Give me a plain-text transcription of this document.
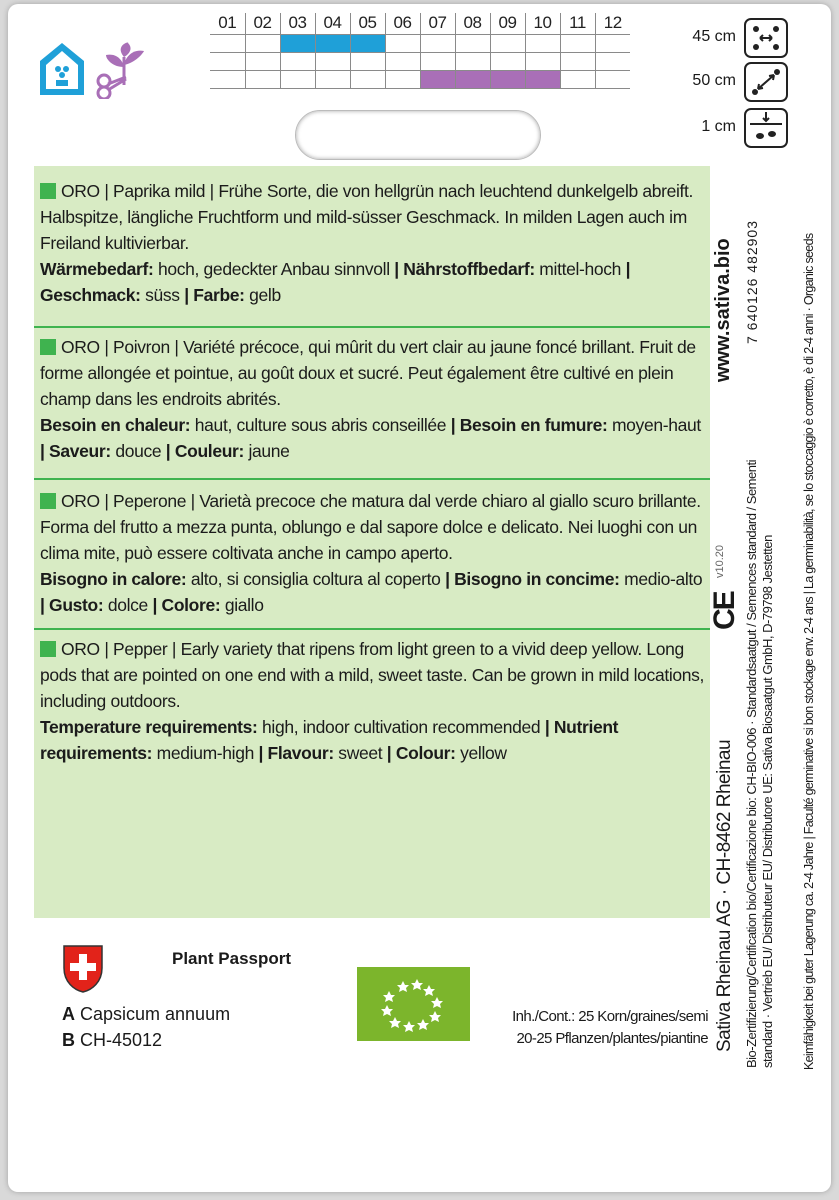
01	02	03	04	05	06	07	08	09	10	11	12

45 cm
50 cm
1 cm
ORO | Paprika mild | Frühe Sorte, die von hellgrün nach leuchtend dunkelgelb abreift. Halbspitze, längliche Fruchtform und mild-süsser Geschmack. In milden Lagen auch im Freiland kultivierbar.
Wärmebedarf: hoch, gedeckter Anbau sinnvoll | Nährstoffbedarf: mittel-hoch | Geschmack: süss | Farbe: gelb
ORO | Poivron | Variété précoce, qui mûrit du vert clair au jaune foncé brillant. Fruit de forme allongée et pointue, au goût doux et sucré. Peut également être cultivé en plein champ dans les endroits abrités.
Besoin en chaleur: haut, culture sous abris conseillée | Besoin en fumure: moyen-haut | Saveur: douce | Couleur: jaune
ORO | Peperone | Varietà precoce che matura dal verde chiaro al giallo scuro brillante. Forma del frutto a mezza punta, oblungo e dal sapore dolce e delicato. Nei luoghi con un clima mite, può essere coltivata anche in campo aperto.
Bisogno in calore: alto, si consiglia coltura al coperto | Bisogno in concime: medio-alto | Gusto: dolce | Colore: giallo
ORO | Pepper | Early variety that ripens from light green to a vivid deep yellow. Long pods that are pointed on one end with a mild, sweet taste. Can be grown in mild locations, including outdoors.
Temperature requirements: high, indoor cultivation recommended | Nutrient requirements: medium-high | Flavour: sweet | Colour: yellow	Sativa Rheinau AG · CH-8462 Rheinau
www.sativa.bio
v10.20
CE
7 640126 482903
Bio-Zertifizierung/Certification bio/Certificazione bio: CH-BIO-006 · Standardsaatgut / Semences standard / Sementi standard · Vertrieb EU/ Distributeur EU/ Distributore UE: Sativa Biosaatgut GmbH, D-79798 Jestetten Keimfähigkeit bei guter Lagerung ca. 2-4 Jahre | Faculté germinative si bon stockage env. 2-4 ans | La germinabilità, se lo stoccaggio è corretto, è di 2-4 anni · Organic seeds
Plant Passport
A Capsicum annuum
B CH-45012
Inh./Cont.: 25 Korn/graines/semi
20-25 Pflanzen/plantes/piantine
